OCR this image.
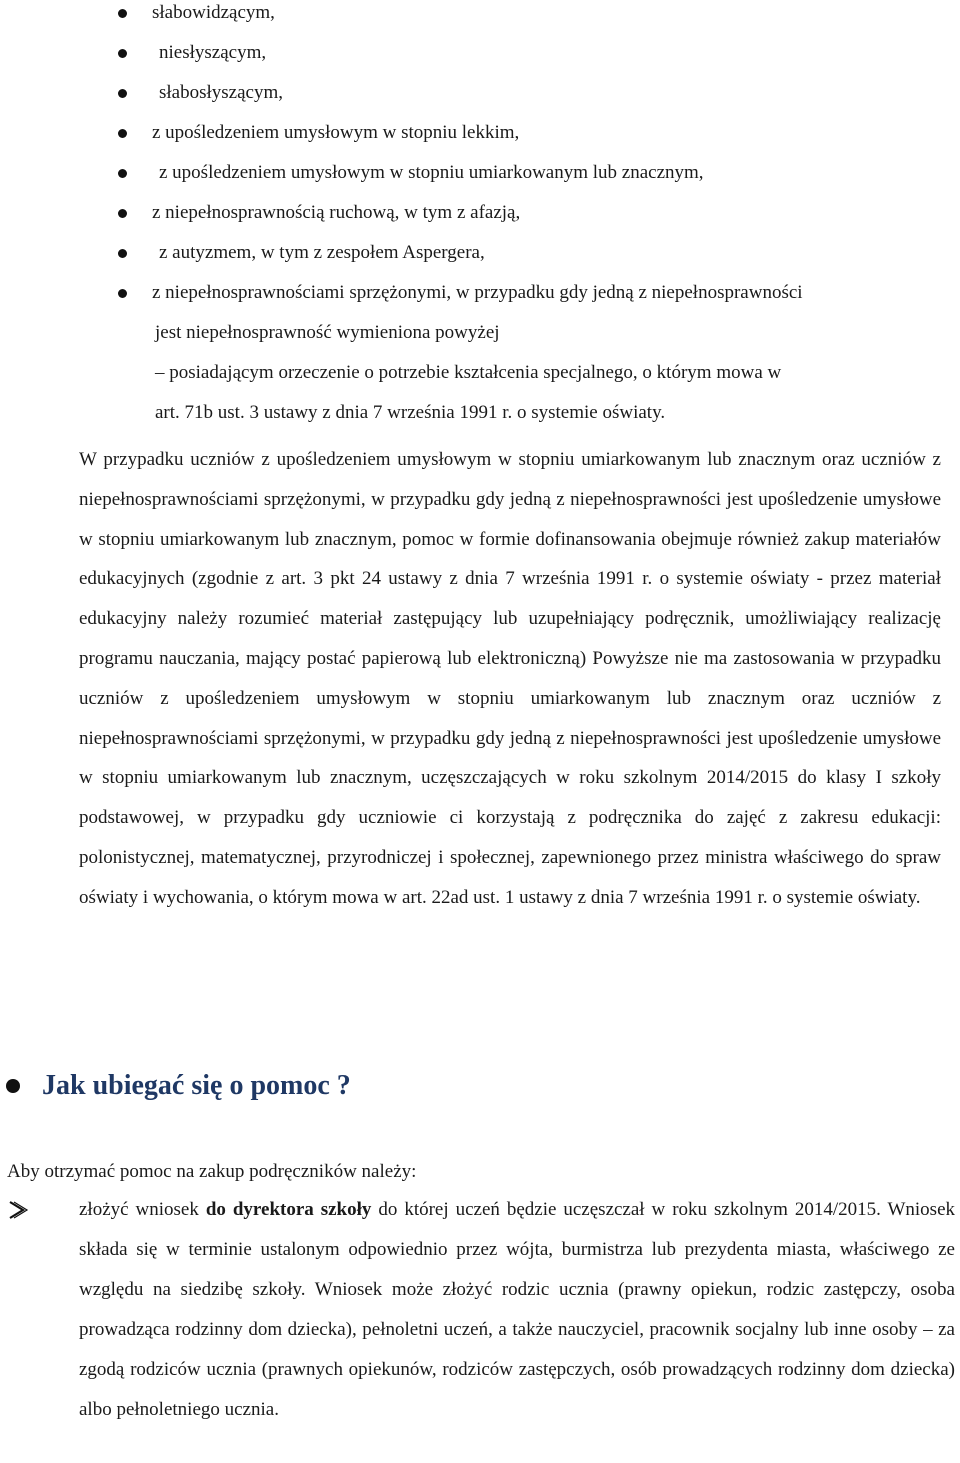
słabowidzącym,
niesłyszącym,
słabosłyszącym,
z upośledzeniem umysłowym w stopniu lekkim,
z upośledzeniem umysłowym w stopniu umiarkowanym lub znacznym,
z niepełnosprawnością ruchową, w tym z afazją,
z autyzmem, w tym z zespołem Aspergera,
z niepełnosprawnościami sprzężonymi, w przypadku gdy jedną z niepełnosprawności
jest niepełnosprawność wymieniona powyżej
– posiadającym orzeczenie o potrzebie kształcenia specjalnego, o którym mowa w
art. 71b ust. 3 ustawy z dnia 7 września 1991 r. o systemie oświaty.
W przypadku uczniów z upośledzeniem umysłowym w stopniu umiarkowanym lub znacznym oraz uczniów z niepełnosprawnościami sprzężonymi, w przypadku gdy jedną z niepełnosprawności jest upośledzenie umysłowe w stopniu umiarkowanym lub znacznym, pomoc w formie dofinansowania obejmuje również zakup materiałów edukacyjnych (zgodnie z art. 3 pkt 24 ustawy z dnia 7 września 1991 r. o systemie oświaty - przez materiał edukacyjny należy rozumieć materiał zastępujący lub uzupełniający podręcznik, umożliwiający realizację programu nauczania, mający postać papierową lub elektroniczną) Powyższe nie ma zastosowania w przypadku uczniów z upośledzeniem umysłowym w stopniu umiarkowanym lub znacznym oraz uczniów z niepełnosprawnościami sprzężonymi, w przypadku gdy jedną z niepełnosprawności jest upośledzenie umysłowe w stopniu umiarkowanym lub znacznym, uczęszczających w roku szkolnym 2014/2015 do klasy I szkoły podstawowej, w przypadku gdy uczniowie ci korzystają z podręcznika do zajęć z zakresu edukacji: polonistycznej, matematycznej, przyrodniczej i społecznej, zapewnionego przez ministra właściwego do spraw oświaty i wychowania, o którym mowa w art. 22ad ust. 1 ustawy z dnia 7 września 1991 r. o systemie oświaty.
Jak ubiegać się o pomoc ?
Aby otrzymać pomoc na zakup podręczników należy:
złożyć wniosek do dyrektora szkoły do której uczeń będzie uczęszczał w roku szkolnym 2014/2015. Wniosek składa się w terminie ustalonym odpowiednio przez wójta, burmistrza lub prezydenta miasta, właściwego ze względu na siedzibę szkoły. Wniosek może złożyć rodzic ucznia (prawny opiekun, rodzic zastępczy, osoba prowadząca rodzinny dom dziecka), pełnoletni uczeń, a także nauczyciel, pracownik socjalny lub inne osoby – za zgodą rodziców ucznia (prawnych opiekunów, rodziców zastępczych, osób prowadzących rodzinny dom dziecka) albo pełnoletniego ucznia.
